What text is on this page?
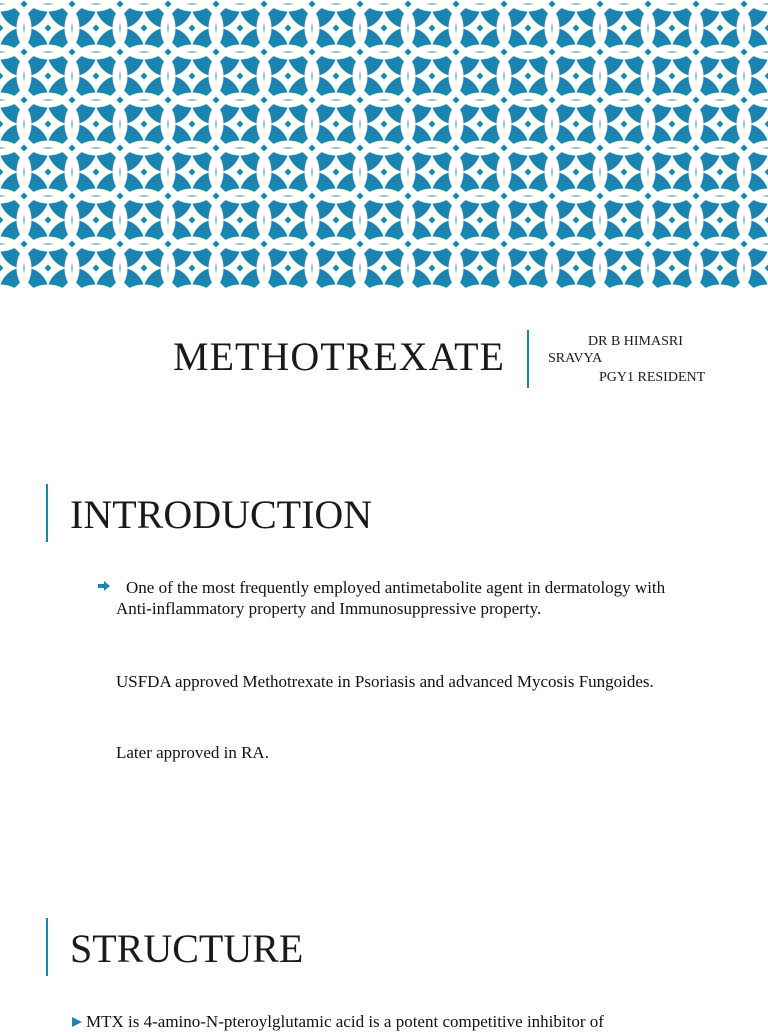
METHOTREXATE	DR B HIMASRI
SRAVYA
PGY1 RESIDENT
INTRODUCTION
One of the most frequently employed antimetabolite agent in dermatology with Anti-inflammatory property and Immunosuppressive property.
USFDA approved Methotrexate in Psoriasis and advanced Mycosis Fungoides.
Later approved in RA.
STRUCTURE
MTX is 4-amino-N-pteroylglutamic acid is a potent competitive inhibitor of
